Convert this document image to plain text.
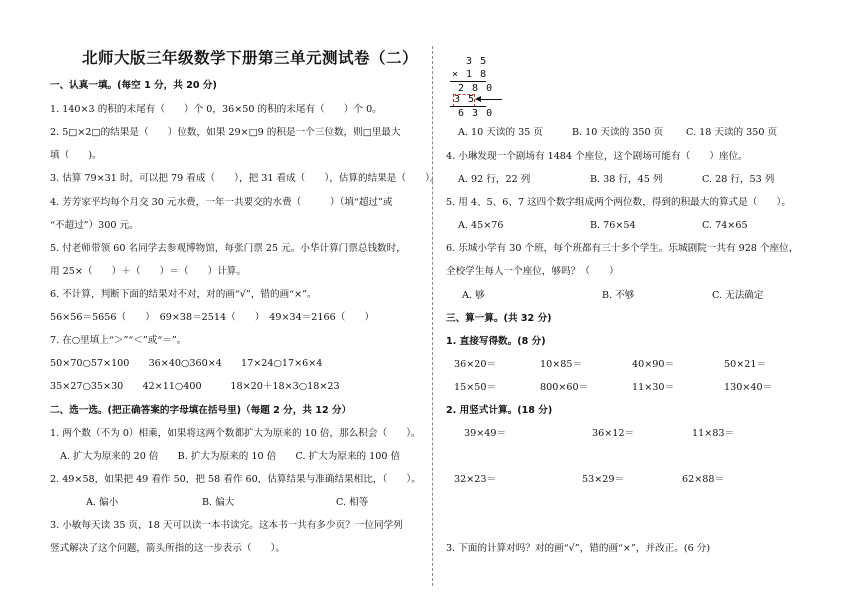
北师大版三年级数学下册第三单元测试卷（二）
一、认真一填。(每空 1 分，共 20 分)
1. 140×3 的积的末尾有（　　）个 0，36×50 的积的末尾有（　　）个 0。
2. 5□×2□的结果是（　　）位数，如果 29×□9 的积是一个三位数，则□里最大
填（　　)。
3. 估算 79×31 时，可以把 79 看成（　　），把 31 看成（　　），估算的结果是（　　）。
4. 芳芳家平均每个月交 30 元水费，一年一共要交的水费（　　　）（填“超过”或
“不超过”）300 元。
5. 付老师带领 60 名同学去参观博物馆，每张门票 25 元。小华计算门票总钱数时，
用 25×（　　）＋（　　）＝（　　）计算。
6. 不计算，判断下面的结果对不对，对的画“√”，错的画“×”。
56×56＝5656（　　）　69×38＝2514（　　）　49×34＝2166（　　）
7. 在○里填上“＞”“＜”或“＝”。
50×70○57×100　　36×40○360×4　　17×24○17×6×4
35×27○35×30　　42×11○400　　　18×20＋18×3○18×23
二、选一选。(把正确答案的字母填在括号里)（每题 2 分，共 12 分）
1. 两个数（不为 0）相乘，如果将这两个数都扩大为原来的 10 倍，那么积会（　　）。
A. 扩大为原来的 20 倍　　B. 扩大为原来的 10 倍　　C. 扩大为原来的 100 倍
2. 49×58，如果把 49 看作 50，把 58 看作 60，估算结果与准确结果相比，（　　）。
A. 偏小	B. 偏大	C. 相等
3. 小敏每天读 35 页，18 天可以读一本书读完。这本书一共有多少页？一位同学列
竖式解决了这个问题，箭头所指的这一步表示（　　）。
3 5
× 1 8
2 8 0
3 5
6 3 0
A. 10 天读的 35 页	B. 10 天读的 350 页 C. 18 天读的 350 页
4. 小琳发现一个剧场有 1484 个座位，这个剧场可能有（　　）座位。
A. 92 行，22 列	B. 38 行，45 列	C. 28 行，53 列
5. 用 4、5、6、7 这四个数字组成两个两位数，得到的积最大的算式是（　　）。
A. 45×76	B. 76×54	C. 74×65
6. 乐城小学有 30 个班，每个班都有三十多个学生。乐城剧院一共有 928 个座位，
全校学生每人一个座位，够吗？（　　）
A. 够	B. 不够	C. 无法确定
三、算一算。(共 32 分)
1. 直接写得数。(8 分)
36×20＝	10×85＝	40×90＝	50×21＝
15×50＝	800×60＝	11×30＝	130×40＝
2. 用竖式计算。(18 分)
39×49＝	36×12＝	11×83＝
32×23＝	53×29＝	62×88＝
3. 下面的计算对吗？对的画“√”，错的画“×”，并改正。(6 分)
